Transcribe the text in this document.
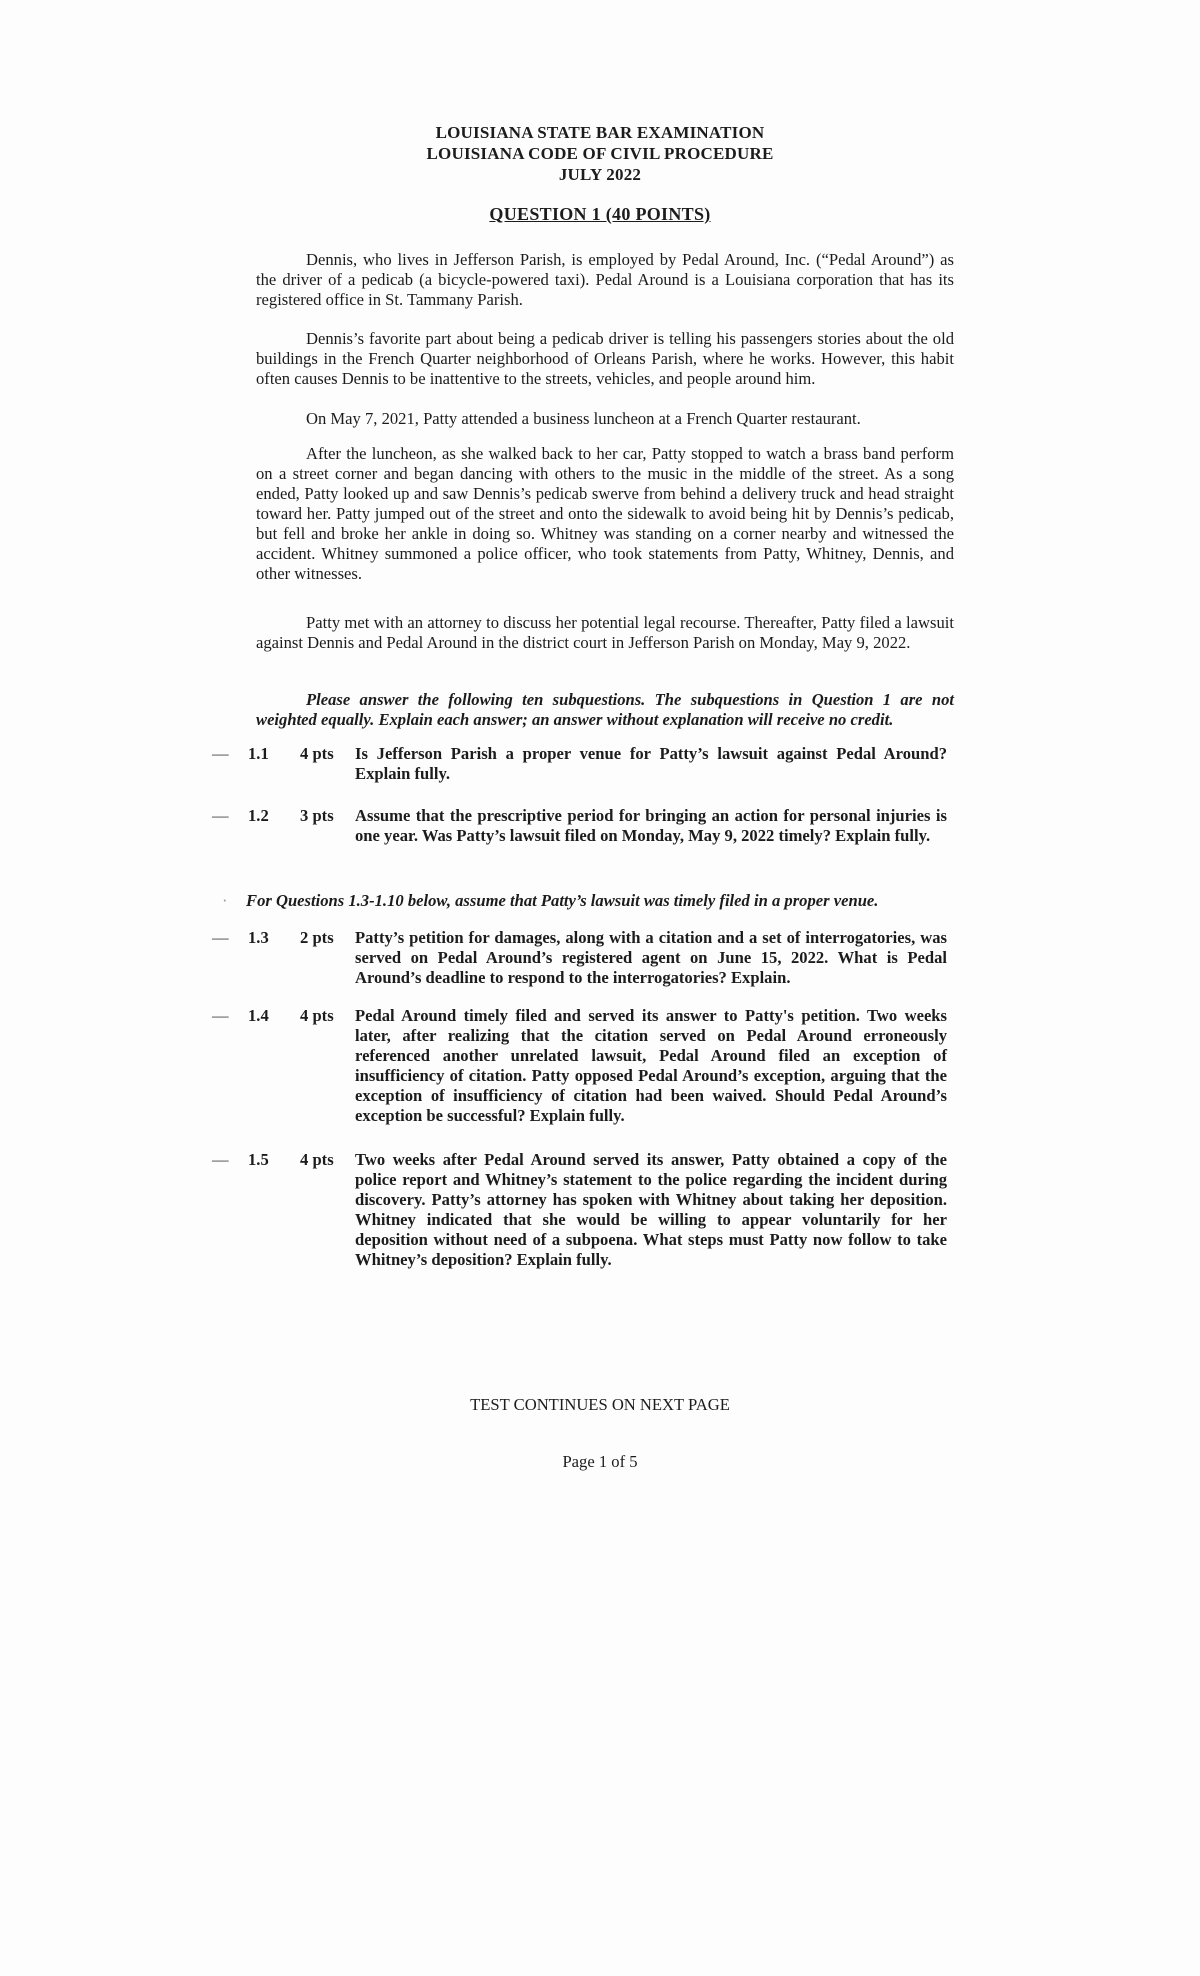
LOUISIANA STATE BAR EXAMINATION
LOUISIANA CODE OF CIVIL PROCEDURE
JULY 2022
QUESTION 1 (40 POINTS)

Dennis, who lives in Jefferson Parish, is employed by Pedal Around, Inc. (“Pedal Around”) as the driver of a pedicab (a bicycle-powered taxi). Pedal Around is a Louisiana corporation that has its registered office in St. Tammany Parish.

Dennis’s favorite part about being a pedicab driver is telling his passengers stories about the old buildings in the French Quarter neighborhood of Orleans Parish, where he works. However, this habit often causes Dennis to be inattentive to the streets, vehicles, and people around him.

On May 7, 2021, Patty attended a business luncheon at a French Quarter restaurant.

After the luncheon, as she walked back to her car, Patty stopped to watch a brass band perform on a street corner and began dancing with others to the music in the middle of the street. As a song ended, Patty looked up and saw Dennis’s pedicab swerve from behind a delivery truck and head straight toward her. Patty jumped out of the street and onto the sidewalk to avoid being hit by Dennis’s pedicab, but fell and broke her ankle in doing so. Whitney was standing on a corner nearby and witnessed the accident. Whitney summoned a police officer, who took statements from Patty, Whitney, Dennis, and other witnesses.

Patty met with an attorney to discuss her potential legal recourse. Thereafter, Patty filed a lawsuit against Dennis and Pedal Around in the district court in Jefferson Parish on Monday, May 9, 2022.

Please answer the following ten subquestions. The subquestions in Question 1 are not weighted equally. Explain each answer; an answer without explanation will receive no credit.

— 1.1 4 pts Is Jefferson Parish a proper venue for Patty’s lawsuit against Pedal Around? Explain fully.

— 1.2 3 pts Assume that the prescriptive period for bringing an action for personal injuries is one year. Was Patty’s lawsuit filed on Monday, May 9, 2022 timely? Explain fully.

· For Questions 1.3-1.10 below, assume that Patty’s lawsuit was timely filed in a proper venue.
— 1.3 2 pts Patty’s petition for damages, along with a citation and a set of interrogatories, was served on Pedal Around’s registered agent on June 15, 2022. What is Pedal Around’s deadline to respond to the interrogatories? Explain.

— 1.4 4 pts Pedal Around timely filed and served its answer to Patty's petition. Two weeks later, after realizing that the citation served on Pedal Around erroneously referenced another unrelated lawsuit, Pedal Around filed an exception of insufficiency of citation. Patty opposed Pedal Around’s exception, arguing that the exception of insufficiency of citation had been waived. Should Pedal Around’s exception be successful? Explain fully.

— 1.5 4 pts Two weeks after Pedal Around served its answer, Patty obtained a copy of the police report and Whitney’s statement to the police regarding the incident during discovery. Patty’s attorney has spoken with Whitney about taking her deposition. Whitney indicated that she would be willing to appear voluntarily for her deposition without need of a subpoena. What steps must Patty now follow to take Whitney’s deposition? Explain fully.

TEST CONTINUES ON NEXT PAGE
Page 1 of 5
